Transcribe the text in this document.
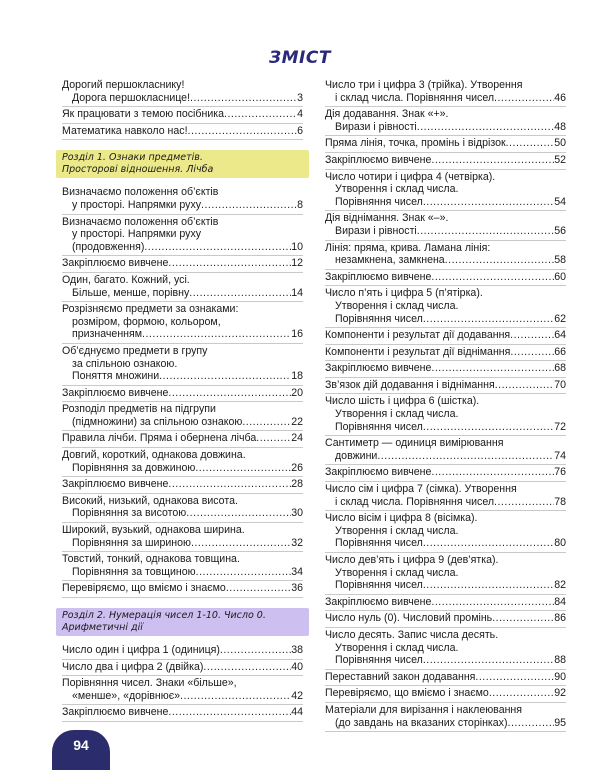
ЗМІСТ
Дорогий першокласнику!
Дорога першокласнице! .....	3
Як працювати з темою посібника .....	4
Математика навколо нас! .....	6
Розділ 1. Ознаки предметів.
Просторові відношення. Лічба
Визначаємо положення об’єктів
у просторі. Напрямки руху .....	8
Визначаємо положення об’єктів
у просторі. Напрямки руху
(продовження) .....	10
Закріплюємо вивчене .....	12
Один, багато. Кожний, усі.
Більше, менше, порівну .....	14
Розрізняємо предмети за ознаками:
розміром, формою, кольором,
призначенням .....	16
Об’єднуємо предмети в групу
за спільною ознакою.
Поняття множини .....	18
Закріплюємо вивчене .....	20
Розподіл предметів на підгрупи
(підмножини) за спільною ознакою .....	22
Правила лічби. Пряма і обернена лічба .....	24
Довгий, короткий, однакова довжина.
Порівняння за довжиною .....	26
Закріплюємо вивчене .....	28
Високий, низький, однакова висота.
Порівняння за висотою .....	30
Широкий, вузький, однакова ширина.
Порівняння за шириною .....	32
Товстий, тонкий, однакова товщина.
Порівняння за товщиною .....	34
Перевіряємо, що вміємо і знаємо .....	36
Розділ 2. Нумерація чисел 1-10. Число 0.
Арифметичні дії
Число один і цифра 1 (одиниця) .....	38
Число два і цифра 2 (двійка) .....	40
Порівняння чисел. Знаки «більше»,
«менше», «дорівнює» .....	42
Закріплюємо вивчене .....	44
Число три і цифра 3 (трійка). Утворення
і склад числа. Порівняння чисел .....	46
Дія додавання. Знак «+».
Вирази і рівності .....	48
Пряма лінія, точка, промінь і відрізок .....	50
Закріплюємо вивчене .....	52
Число чотири і цифра 4 (четвірка).
Утворення і склад числа.
Порівняння чисел .....	54
Дія віднімання. Знак «–».
Вирази і рівності .....	56
Лінія: пряма, крива. Ламана лінія:
незамкнена, замкнена .....	58
Закріплюємо вивчене .....	60
Число п’ять і цифра 5 (п’ятірка).
Утворення і склад числа.
Порівняння чисел .....	62
Компоненти і результат дії додавання .....	64
Компоненти і результат дії віднімання .....	66
Закріплюємо вивчене .....	68
Зв’язок дій додавання і віднімання .....	70
Число шість і цифра 6 (шістка).
Утворення і склад числа.
Порівняння чисел .....	72
Сантиметр — одиниця вимірювання
довжини .....	74
Закріплюємо вивчене .....	76
Число сім і цифра 7 (сімка). Утворення
і склад числа. Порівняння чисел .....	78
Число вісім і цифра 8 (вісімка).
Утворення і склад числа.
Порівняння чисел .....	80
Число дев’ять і цифра 9 (дев’ятка).
Утворення і склад числа.
Порівняння чисел .....	82
Закріплюємо вивчене .....	84
Число нуль (0). Числовий промінь .....	86
Число десять. Запис числа десять.
Утворення і склад числа.
Порівняння чисел .....	88
Переставний закон додавання .....	90
Перевіряємо, що вміємо і знаємо .....	92
Матеріали для вирізання і наклеювання
(до завдань на вказаних сторінках) .....	95
94
